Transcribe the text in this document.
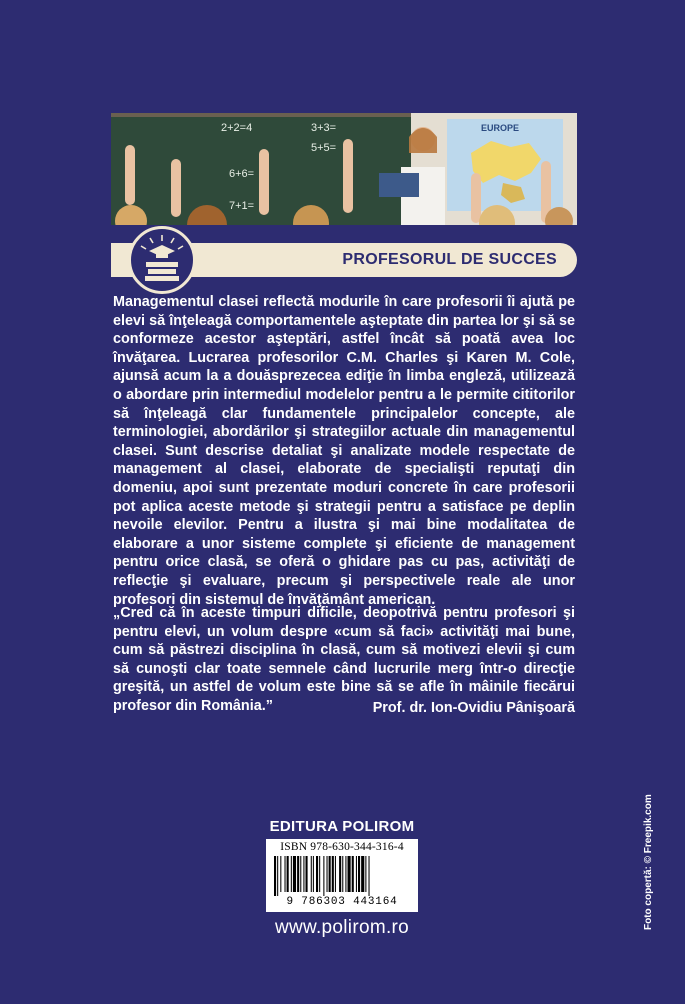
EUROPE
2+2=4	3+3=
5+5=
6+6=
7+1=
PROFESORUL DE SUCCES

Managementul clasei reflectă modurile în care profesorii îi ajută pe elevi să înţeleagă comportamentele aşteptate din partea lor şi să se conformeze acestor aşteptări, astfel încât să poată avea loc învăţarea. Lucrarea profesorilor C.M. Charles şi Karen M. Cole, ajunsă acum la a douăsprezecea ediţie în limba engleză, utilizează o abordare prin intermediul modelelor pentru a le permite cititorilor să înţeleagă clar fundamentele principalelor concepte, ale terminologiei, abordărilor şi strategiilor actuale din managementul clasei. Sunt descrise detaliat şi analizate modele respectate de management al clasei, elaborate de specialişti reputaţi din domeniu, apoi sunt prezentate moduri concrete în care profesorii pot aplica aceste metode şi strategii pentru a satisface pe deplin nevoile elevilor. Pentru a ilustra şi mai bine modalitatea de elaborare a unor sisteme complete şi eficiente de management pentru orice clasă, se oferă o ghidare pas cu pas, activităţi de reflecţie şi evaluare, precum şi perspectivele reale ale unor profesori din sistemul de învăţământ american.

„Cred că în aceste timpuri dificile, deopotrivă pentru profesori şi pentru elevi, un volum despre «cum să faci» activităţi mai bune, cum să păstrezi disciplina în clasă, cum să motivezi elevii şi cum să cunoşti clar toate semnele când lucrurile merg într-o direcţie greşită, un astfel de volum este bine să se afle în mâinile fiecărui profesor din România.”	Prof. dr. Ion-Ovidiu Pânişoară
EDITURA POLIROM
ISBN 978-630-344-316-4
9 786303 443164
www.polirom.ro	Foto copertă: © Freepik.com
